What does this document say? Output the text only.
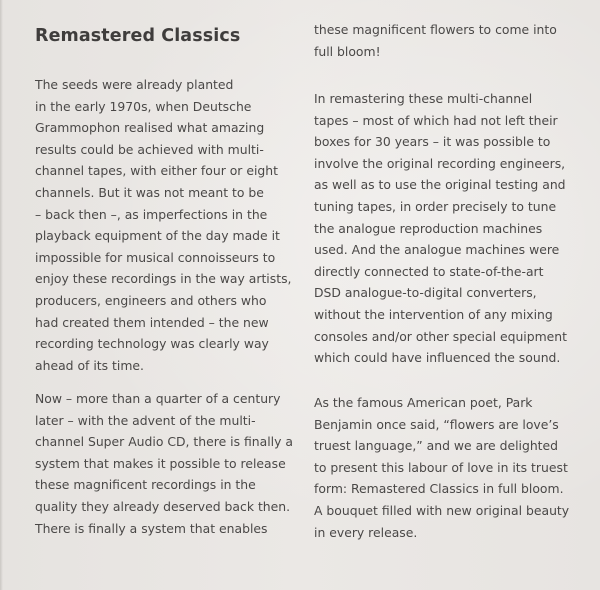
Remastered Classics

The seeds were already planted
in the early 1970s, when Deutsche
Grammophon realised what amazing
results could be achieved with multi-
channel tapes, with either four or eight
channels. But it was not meant to be
– back then –, as imperfections in the
playback equipment of the day made it
impossible for musical connoisseurs to
enjoy these recordings in the way artists,
producers, engineers and others who
had created them intended – the new
recording technology was clearly way
ahead of its time.

Now – more than a quarter of a century
later – with the advent of the multi-
channel Super Audio CD, there is finally a
system that makes it possible to release
these magnificent recordings in the
quality they already deserved back then.
There is finally a system that enables

these magnificent flowers to come into
full bloom!

In remastering these multi-channel
tapes – most of which had not left their
boxes for 30 years – it was possible to
involve the original recording engineers,
as well as to use the original testing and
tuning tapes, in order precisely to tune
the analogue reproduction machines
used. And the analogue machines were
directly connected to state-of-the-art
DSD analogue-to-digital converters,
without the intervention of any mixing
consoles and/or other special equipment
which could have influenced the sound.

As the famous American poet, Park
Benjamin once said, “flowers are love’s
truest language,” and we are delighted
to present this labour of love in its truest
form: Remastered Classics in full bloom.
A bouquet filled with new original beauty
in every release.
